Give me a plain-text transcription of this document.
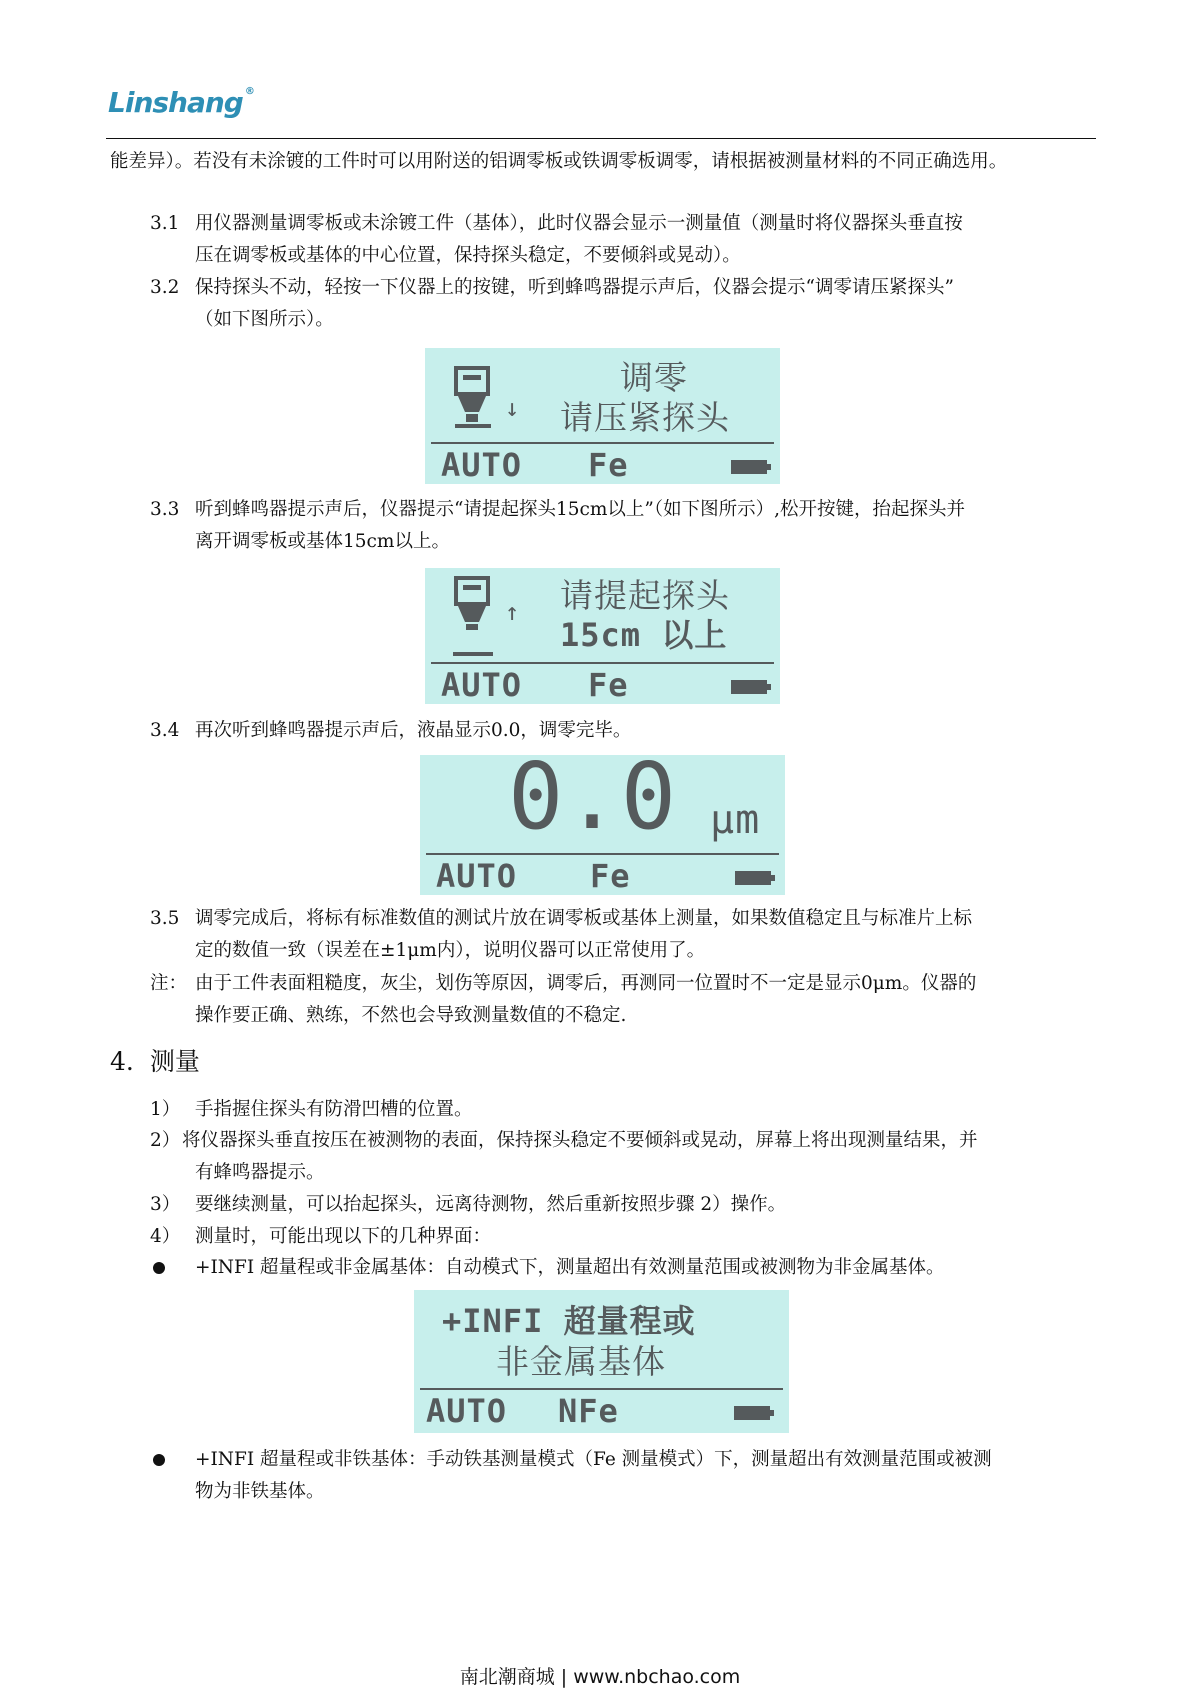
Linshang ®
能差异）。若没有未涂镀的工件时可以用附送的铝调零板或铁调零板调零，请根据被测量材料的不同正确选用。
3.1 用仪器测量调零板或未涂镀工件（基体），此时仪器会显示一测量值（测量时将仪器探头垂直按
压在调零板或基体的中心位置，保持探头稳定，不要倾斜或晃动）。
3.2 保持探头不动，轻按一下仪器上的按键，听到蜂鸣器提示声后，仪器会提示“调零请压紧探头”
（如下图所示）。
↓
调零
请压紧探头
AUTO Fe
3.3 听到蜂鸣器提示声后，仪器提示“请提起探头15cm以上”（如下图所示）,松开按键，抬起探头并
离开调零板或基体15cm以上。
↑ 请提起探头
15cm 以上
AUTO Fe
3.4 再次听到蜂鸣器提示声后，液晶显示0.0，调零完毕。
0.0 μm
AUTO Fe
3.5 调零完成后，将标有标准数值的测试片放在调零板或基体上测量，如果数值稳定且与标准片上标
定的数值一致（误差在±1μm内），说明仪器可以正常使用了。
注： 由于工件表面粗糙度，灰尘，划伤等原因，调零后，再测同一位置时不一定是显示0μm。仪器的
操作要正确、熟练，不然也会导致测量数值的不稳定.
4. 测量
1） 手指握住探头有防滑凹槽的位置。
2） 将仪器探头垂直按压在被测物的表面，保持探头稳定不要倾斜或晃动，屏幕上将出现测量结果，并
有蜂鸣器提示。
3） 要继续测量，可以抬起探头，远离待测物，然后重新按照步骤 2）操作。
4） 测量时，可能出现以下的几种界面：
+INFI 超量程或非金属基体：自动模式下，测量超出有效测量范围或被测物为非金属基体。
+INFI 超量程或
非金属基体
AUTO NFe
+INFI 超量程或非铁基体：手动铁基测量模式（Fe 测量模式）下，测量超出有效测量范围或被测
物为非铁基体。
南北潮商城 | www.nbchao.com
